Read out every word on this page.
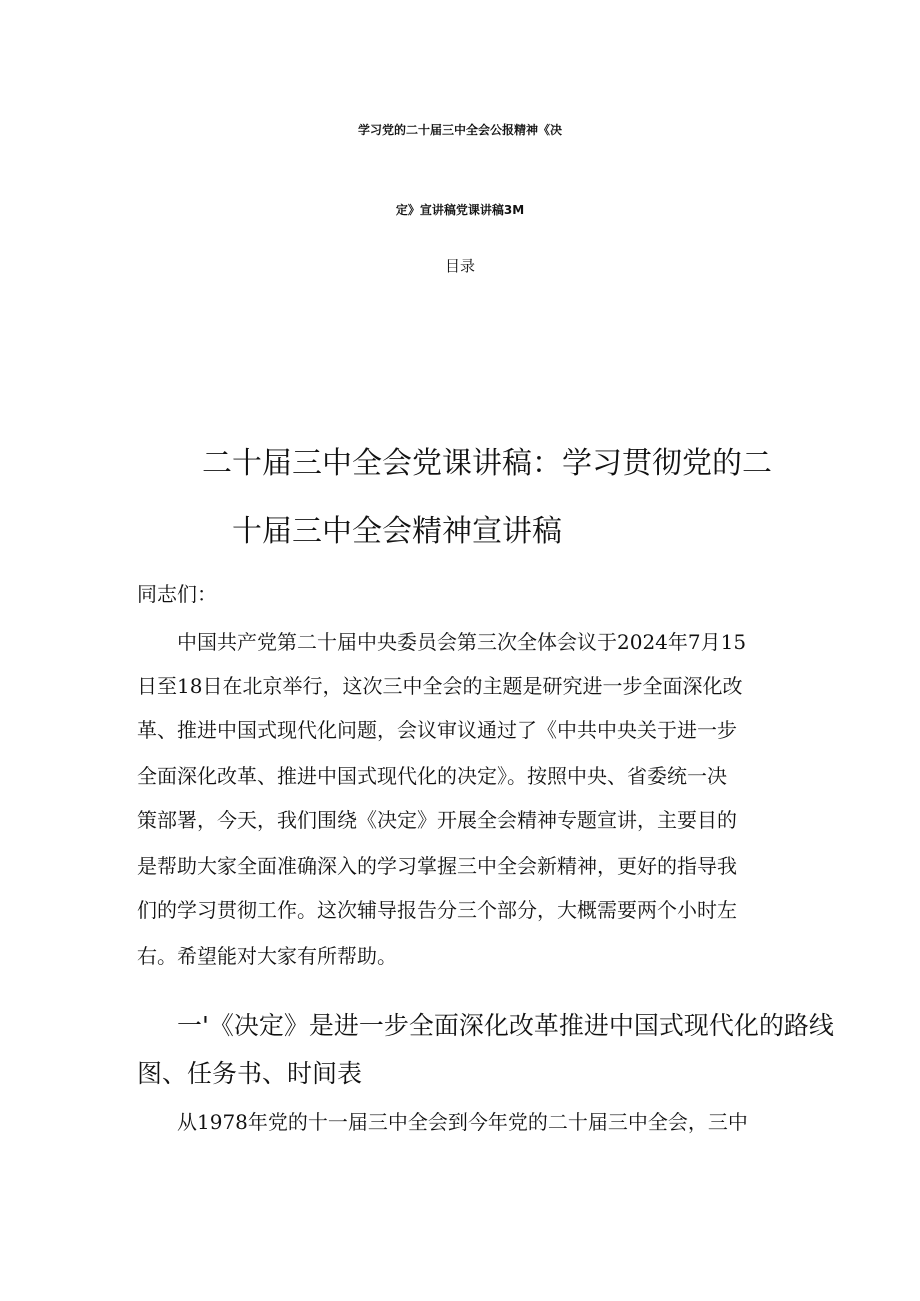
学习党的二十届三中全会公报精神《决
定》宣讲稿党课讲稿3M
目录
二十届三中全会党课讲稿：学习贯彻党的二
十届三中全会精神宣讲稿
同志们：
中国共产党第二十届中央委员会第三次全体会议于2024年7月15
日至18日在北京举行，这次三中全会的主题是研究进一步全面深化改
革、推进中国式现代化问题，会议审议通过了《中共中央关于进一步
全面深化改革、推进中国式现代化的决定》。按照中央、省委统一决
策部署，今天，我们围绕《决定》开展全会精神专题宣讲，主要目的
是帮助大家全面准确深入的学习掌握三中全会新精神，更好的指导我
们的学习贯彻工作。这次辅导报告分三个部分，大概需要两个小时左
右。希望能对大家有所帮助。
一'《决定》是进一步全面深化改革推进中国式现代化的路线
图、任务书、时间表
从1978年党的十一届三中全会到今年党的二十届三中全会，三中
